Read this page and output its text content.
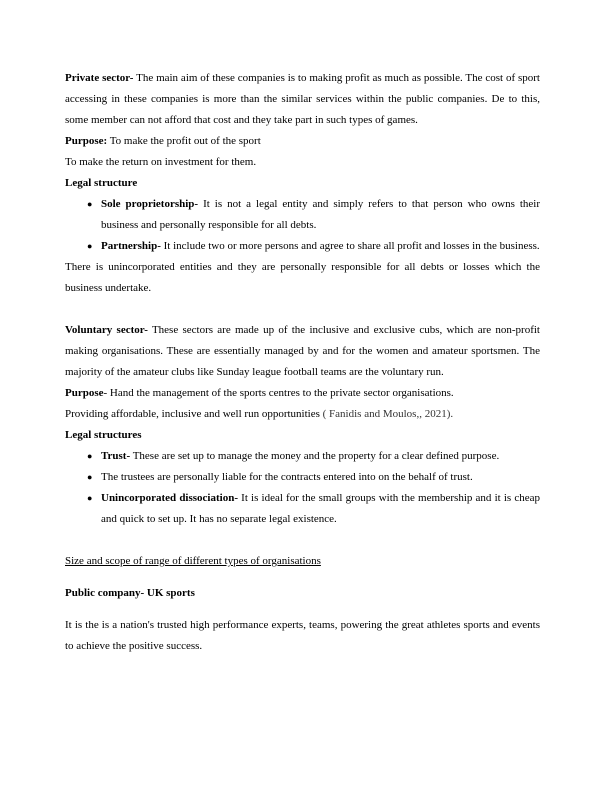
Private sector- The main aim of these companies is to making profit as much as possible. The cost of sport accessing in these companies is more than the similar services within the public companies. De to this, some member can not afford that cost and they take part in such types of games.

Purpose: To make the profit out of the sport

To make the return on investment for them.

Legal structure
● Sole proprietorship- It is not a legal entity and simply refers to that person who owns their business and personally responsible for all debts.
● Partnership- It include two or more persons and agree to share all profit and losses in the business.

There is unincorporated entities and they are personally responsible for all debts or losses which the business undertake.

Voluntary sector- These sectors are made up of the inclusive and exclusive cubs, which are non-profit making organisations. These are essentially managed by and for the women and amateur sportsmen. The majority of the amateur clubs like Sunday league football teams are the voluntary run.

Purpose- Hand the management of the sports centres to the private sector organisations.

Providing affordable, inclusive and well run opportunities ( Fanidis and Moulos,, 2021).

Legal structures
● Trust- These are set up to manage the money and the property for a clear defined purpose.
● The trustees are personally liable for the contracts entered into on the behalf of trust.
● Unincorporated dissociation- It is ideal for the small groups with the membership and it is cheap and quick to set up. It has no separate legal existence.

Size and scope of range of different types of organisations

Public company- UK sports

It is the is a nation's trusted high performance experts, teams, powering the great athletes sports and events to achieve the positive success.
